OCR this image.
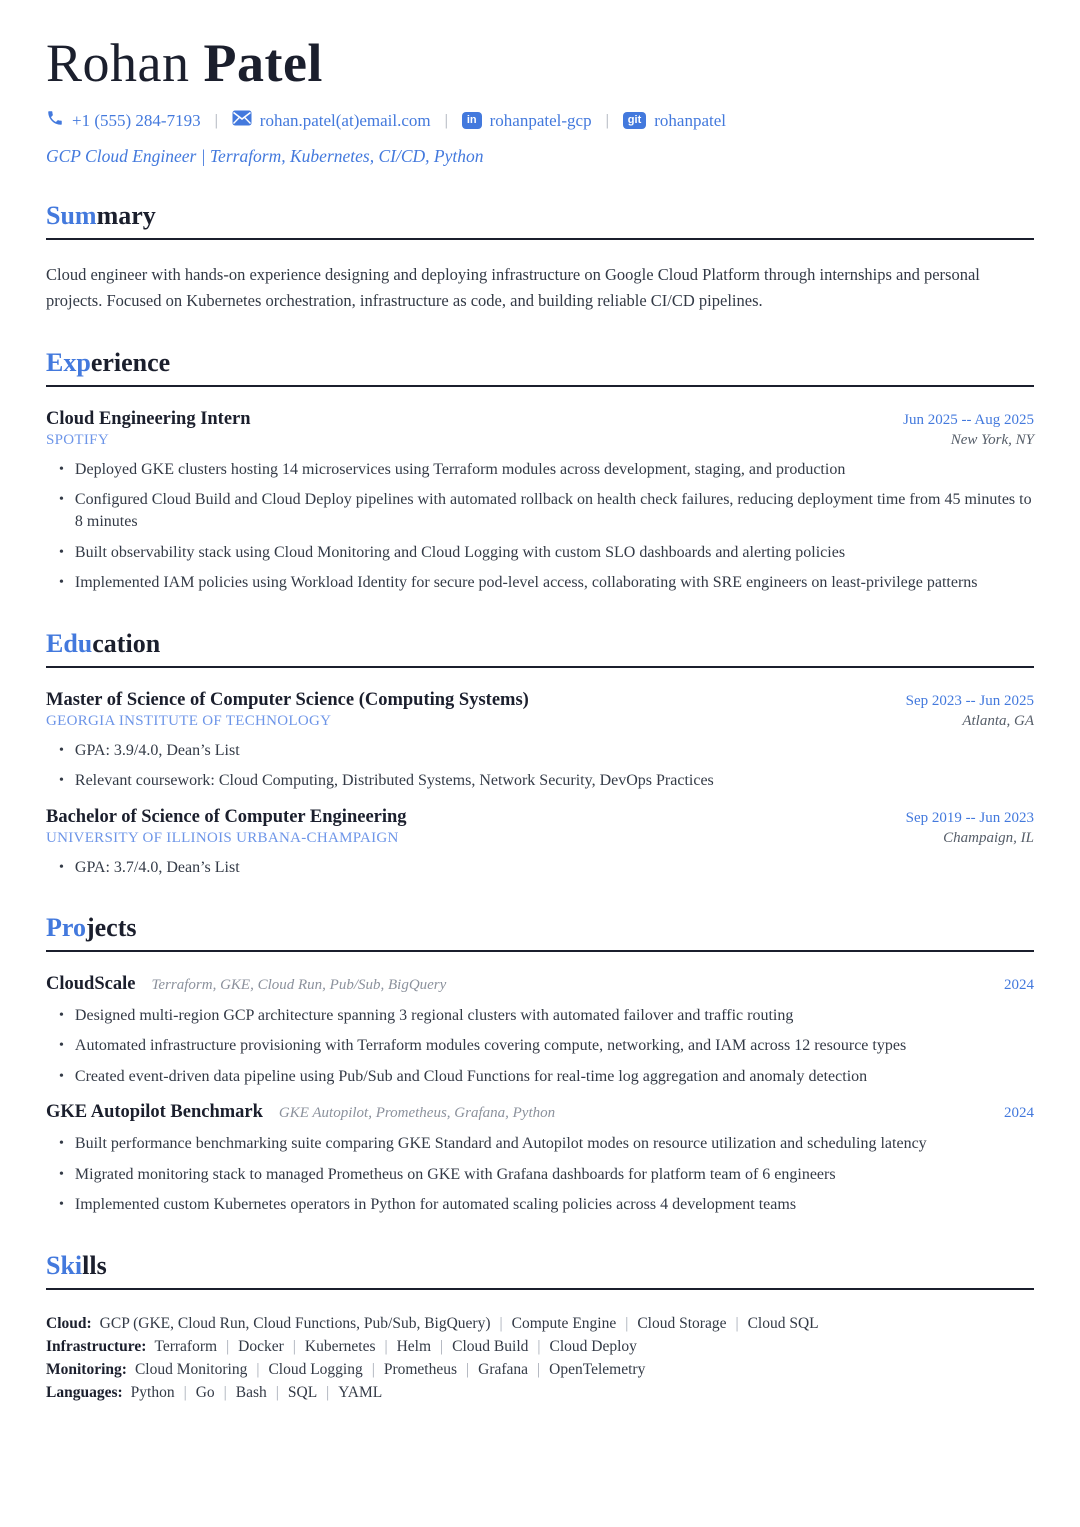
Rohan Patel
+1 (555) 284-7193 | rohan.patel(at)email.com |	in rohanpatel-gcp |	git rohanpatel
GCP Cloud Engineer | Terraform, Kubernetes, CI/CD, Python
Summary

Cloud engineer with hands-on experience designing and deploying infrastructure on Google Cloud Platform through internships and personal projects. Focused on Kubernetes orchestration, infrastructure as code, and building reliable CI/CD pipelines.

Experience
Cloud Engineering Intern	Jun 2025 -- Aug 2025
SPOTIFY	New York, NY
• Deployed GKE clusters hosting 14 microservices using Terraform modules across development, staging, and production
• Configured Cloud Build and Cloud Deploy pipelines with automated rollback on health check failures, reducing deployment time from 45 minutes to 8 minutes
• Built observability stack using Cloud Monitoring and Cloud Logging with custom SLO dashboards and alerting policies
• Implemented IAM policies using Workload Identity for secure pod-level access, collaborating with SRE engineers on least-privilege patterns
Education
Master of Science of Computer Science (Computing Systems)	Sep 2023 -- Jun 2025
GEORGIA INSTITUTE OF TECHNOLOGY	Atlanta, GA
• GPA: 3.9/4.0, Dean’s List
• Relevant coursework: Cloud Computing, Distributed Systems, Network Security, DevOps Practices
Bachelor of Science of Computer Engineering	Sep 2019 -- Jun 2023
UNIVERSITY OF ILLINOIS URBANA-CHAMPAIGN	Champaign, IL
• GPA: 3.7/4.0, Dean’s List
Projects
CloudScale Terraform, GKE, Cloud Run, Pub/Sub, BigQuery	2024
• Designed multi-region GCP architecture spanning 3 regional clusters with automated failover and traffic routing
• Automated infrastructure provisioning with Terraform modules covering compute, networking, and IAM across 12 resource types
• Created event-driven data pipeline using Pub/Sub and Cloud Functions for real-time log aggregation and anomaly detection
GKE Autopilot Benchmark GKE Autopilot, Prometheus, Grafana, Python	2024
• Built performance benchmarking suite comparing GKE Standard and Autopilot modes on resource utilization and scheduling latency
• Migrated monitoring stack to managed Prometheus on GKE with Grafana dashboards for platform team of 6 engineers
• Implemented custom Kubernetes operators in Python for automated scaling policies across 4 development teams
Skills
Cloud: GCP (GKE, Cloud Run, Cloud Functions, Pub/Sub, BigQuery) | Compute Engine | Cloud Storage | Cloud SQL
Infrastructure: Terraform | Docker | Kubernetes | Helm | Cloud Build | Cloud Deploy
Monitoring: Cloud Monitoring | Cloud Logging | Prometheus | Grafana | OpenTelemetry
Languages: Python | Go | Bash | SQL | YAML
